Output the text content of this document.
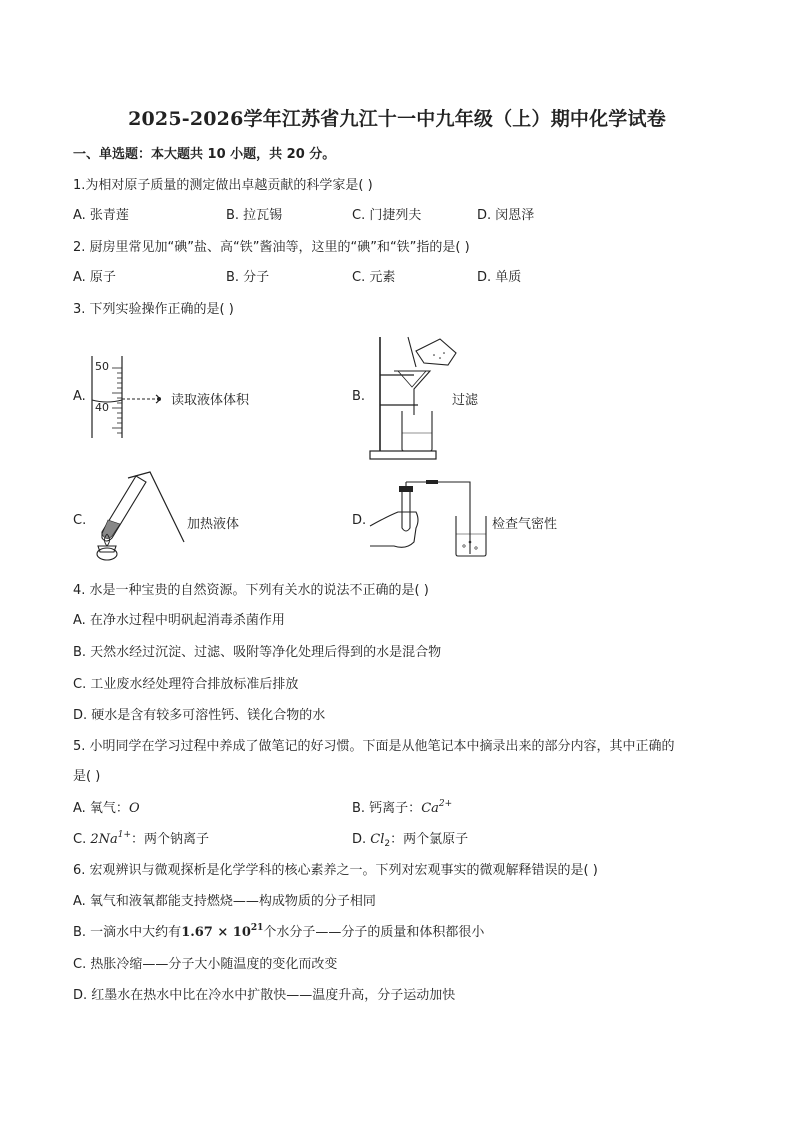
2025-2026学年江苏省九江十一中九年级（上）期中化学试卷
一、单选题：本大题共 10 小题，共 20 分。
1.为相对原子质量的测定做出卓越贡献的科学家是( )
A. 张青莲	B. 拉瓦锡	C. 门捷列夫	D. 闵恩泽
2. 厨房里常见加“碘”盐、高“铁”酱油等，这里的“碘”和“铁”指的是( )
A. 原子	B. 分子	C. 元素	D. 单质
3. 下列实验操作正确的是( )
A.
50
40	读取液体体积	B.	过滤
C.	加热液体	D.	检查气密性
4. 水是一种宝贵的自然资源。下列有关水的说法不正确的是( )
A. 在净水过程中明矾起消毒杀菌作用
B. 天然水经过沉淀、过滤、吸附等净化处理后得到的水是混合物
C. 工业废水经处理符合排放标准后排放
D. 硬水是含有较多可溶性钙、镁化合物的水
5. 小明同学在学习过程中养成了做笔记的好习惯。下面是从他笔记本中摘录出来的部分内容，其中正确的
是( )
A. 氧气：O	B. 钙离子：$Ca^{2+}$
C. $2Na^{1+}$：两个钠离子	D. $Cl_2$：两个氯原子
6. 宏观辨识与微观探析是化学学科的核心素养之一。下列对宏观事实的微观解释错误的是( )
A. 氧气和液氧都能支持燃烧——构成物质的分子相同
B. 一滴水中大约有$1.67 \times 10^{21}$个水分子——分子的质量和体积都很小
C. 热胀冷缩——分子大小随温度的变化而改变
D. 红墨水在热水中比在冷水中扩散快——温度升高，分子运动加快
